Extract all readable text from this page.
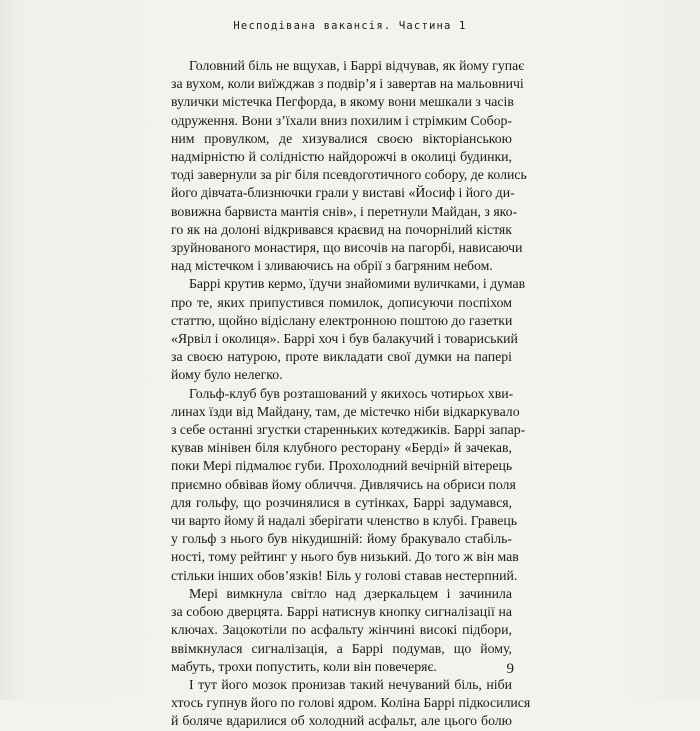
Несподівана вакансія. Частина 1
Головний біль не вщухав, і Баррі відчував, як йому гупає
за вухом, коли виїжджав з подвір’я і завертав на мальовничі
вулички містечка Пегфорда, в якому вони мешкали з часів
одруження. Вони з’їхали вниз похилим і стрімким Собор-
ним провулком, де хизувалися своєю вікторіанською
надмірністю й солідністю найдорожчі в околиці будинки,
тоді завернули за ріг біля псевдоготичного собору, де колись
його дівчата-близнючки грали у виставі «Йосиф і його ди-
вовижна барвиста мантія снів», і перетнули Майдан, з яко-
го як на долоні відкривався краєвид на почорнілий кістяк
зруйнованого монастиря, що височів на пагорбі, нависаючи
над містечком і зливаючись на обрії з багряним небом.
Баррі крутив кермо, їдучи знайомими вуличками, і думав
про те, яких припустився помилок, дописуючи поспіхом
статтю, щойно відіслану електронною поштою до газетки
«Ярвіл і околиця». Баррі хоч і був балакучий і товариський
за своєю натурою, проте викладати свої думки на папері
йому було нелегко.
Гольф-клуб був розташований у якихось чотирьох хви-
линах їзди від Майдану, там, де містечко ніби відкаркувало
з себе останні згустки старенньких котеджиків. Баррі запар-
кував мінівен біля клубного ресторану «Берді» й зачекав,
поки Мері підмалює губи. Прохолодний вечірній вітерець
приємно обвівав йому обличчя. Дивлячись на обриси поля
для гольфу, що розчинялися в сутінках, Баррі задумався,
чи варто йому й надалі зберігати членство в клубі. Гравець
у гольф з нього був нікудишній: йому бракувало стабіль-
ності, тому рейтинг у нього був низький. До того ж він мав
стільки інших обов’язків! Біль у голові ставав нестерпний.
Мері вимкнула світло над дзеркальцем і зачинила
за собою дверцята. Баррі натиснув кнопку сигналізації на
ключах. Зацокотіли по асфальту жінчині високі підбори,
ввімкнулася сигналізація, а Баррі подумав, що йому,
мабуть, трохи попустить, коли він повечеряє.
І тут його мозок пронизав такий нечуваний біль, ніби
хтось гупнув його по голові ядром. Коліна Баррі підкосилися
й боляче вдарилися об холодний асфальт, але цього болю
9
